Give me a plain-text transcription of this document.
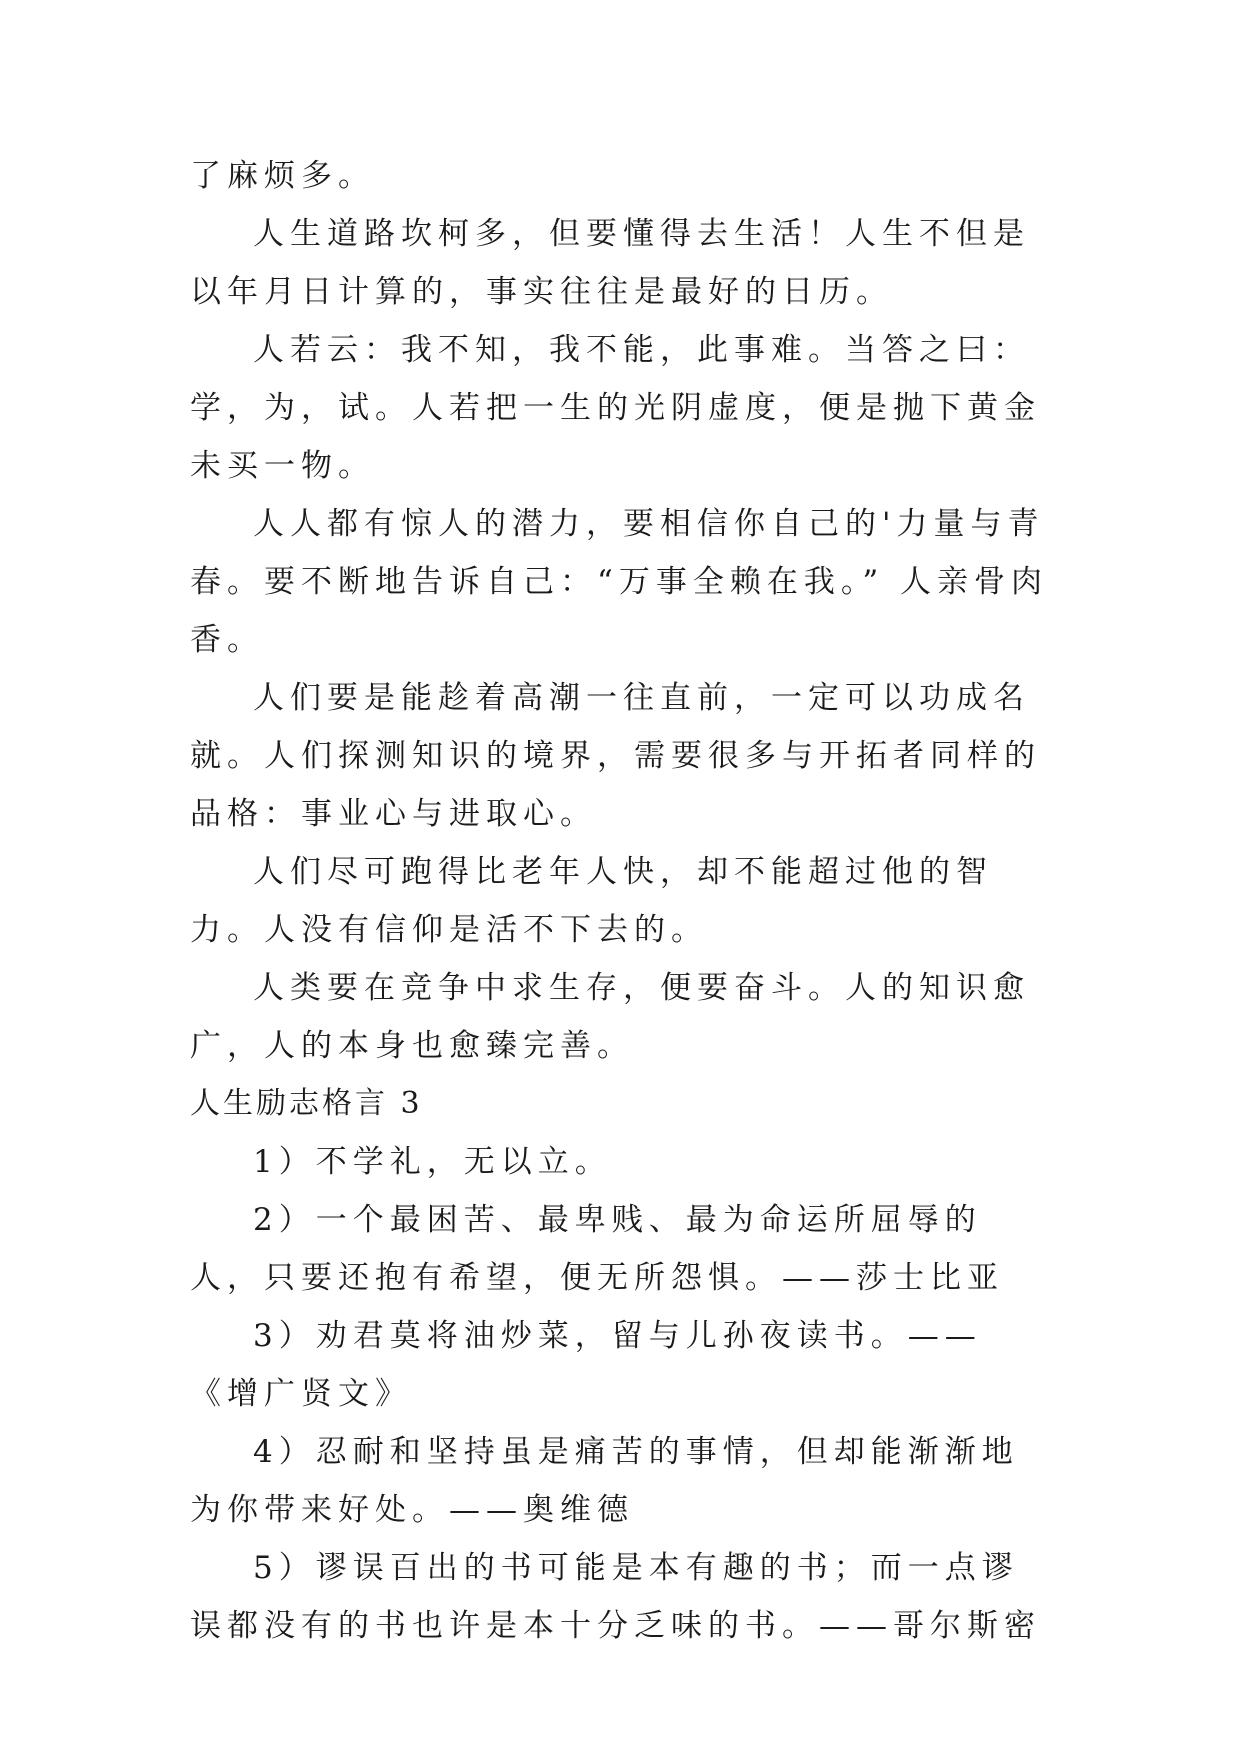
了麻烦多。

人生道路坎柯多，但要懂得去生活！人生不但是以年月日计算的，事实往往是最好的日历。

人若云：我不知，我不能，此事难。当答之曰：学，为，试。人若把一生的光阴虚度，便是抛下黄金未买一物。

人人都有惊人的潜力，要相信你自己的'力量与青春。要不断地告诉自己：“万事全赖在我。” 人亲骨肉香。

人们要是能趁着高潮一往直前，一定可以功成名就。人们探测知识的境界，需要很多与开拓者同样的品格：事业心与进取心。

人们尽可跑得比老年人快，却不能超过他的智力。人没有信仰是活不下去的。

人类要在竞争中求生存，便要奋斗。人的知识愈广，人的本身也愈臻完善。

人生励志格言 3

1）不学礼，无以立。

2）一个最困苦、最卑贱、最为命运所屈辱的人，只要还抱有希望，便无所怨惧。——莎士比亚

3）劝君莫将油炒菜，留与儿孙夜读书。——《增广贤文》

4）忍耐和坚持虽是痛苦的事情，但却能渐渐地为你带来好处。——奥维德

5）谬误百出的书可能是本有趣的书；而一点谬误都没有的书也许是本十分乏味的书。——哥尔斯密
